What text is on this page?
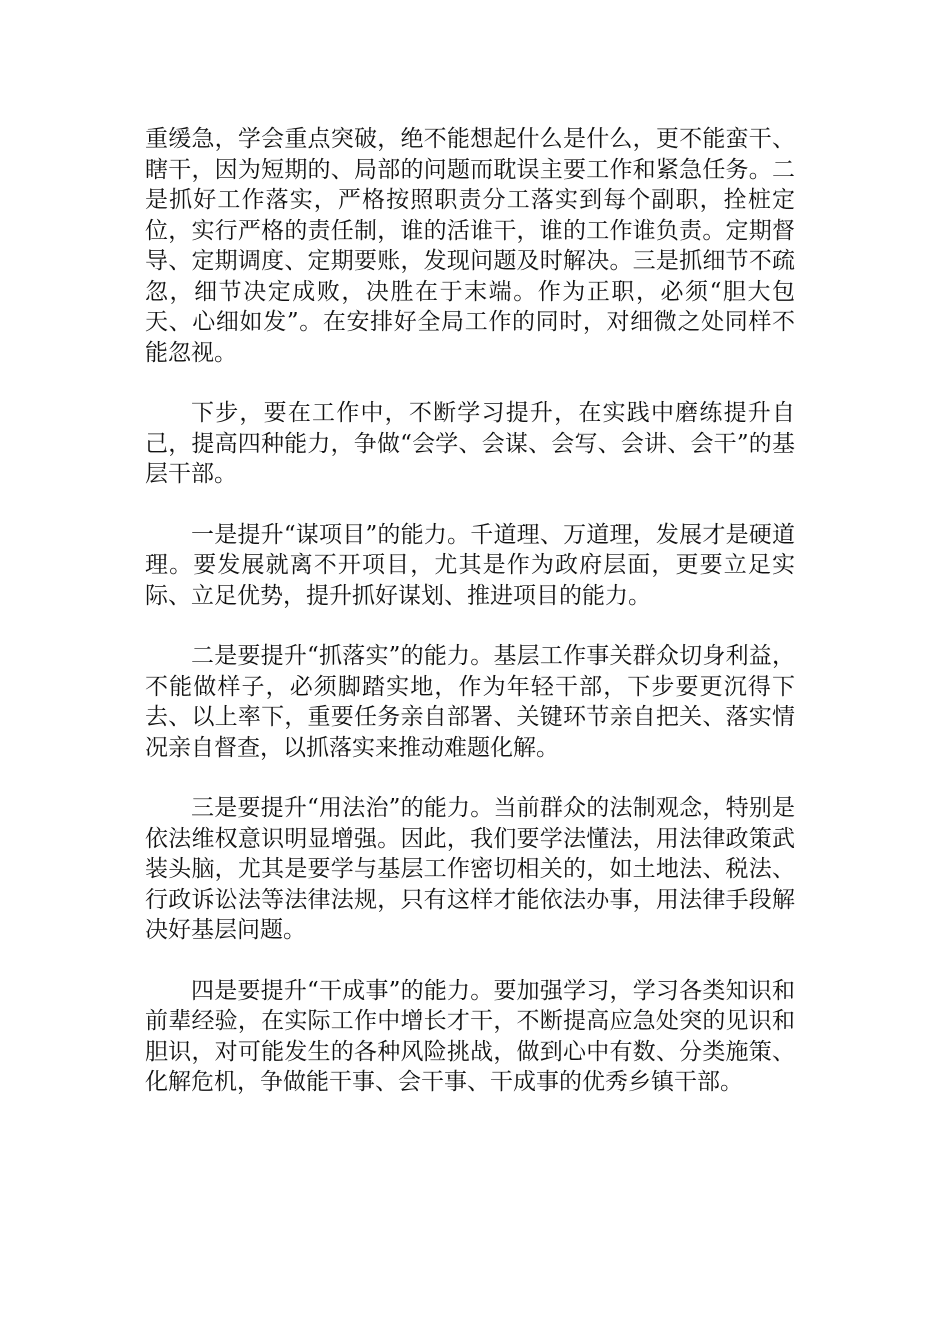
重缓急，学会重点突破，绝不能想起什么是什么，更不能蛮干、瞎干，因为短期的、局部的问题而耽误主要工作和紧急任务。二是抓好工作落实，严格按照职责分工落实到每个副职，拴桩定位，实行严格的责任制，谁的活谁干，谁的工作谁负责。定期督导、定期调度、定期要账，发现问题及时解决。三是抓细节不疏忽，细节决定成败，决胜在于末端。作为正职，必须“胆大包天、心细如发”。在安排好全局工作的同时，对细微之处同样不能忽视。

下步，要在工作中，不断学习提升，在实践中磨练提升自己，提高四种能力，争做“会学、会谋、会写、会讲、会干”的基层干部。

一是提升“谋项目”的能力。千道理、万道理，发展才是硬道理。要发展就离不开项目，尤其是作为政府层面，更要立足实际、立足优势，提升抓好谋划、推进项目的能力。

二是要提升“抓落实”的能力。基层工作事关群众切身利益，不能做样子，必须脚踏实地，作为年轻干部，下步要更沉得下去、以上率下，重要任务亲自部署、关键环节亲自把关、落实情况亲自督查，以抓落实来推动难题化解。

三是要提升“用法治”的能力。当前群众的法制观念，特别是依法维权意识明显增强。因此，我们要学法懂法，用法律政策武装头脑，尤其是要学与基层工作密切相关的，如土地法、税法、行政诉讼法等法律法规，只有这样才能依法办事，用法律手段解决好基层问题。

四是要提升“干成事”的能力。要加强学习，学习各类知识和前辈经验，在实际工作中增长才干，不断提高应急处突的见识和胆识，对可能发生的各种风险挑战，做到心中有数、分类施策、化解危机，争做能干事、会干事、干成事的优秀乡镇干部。
